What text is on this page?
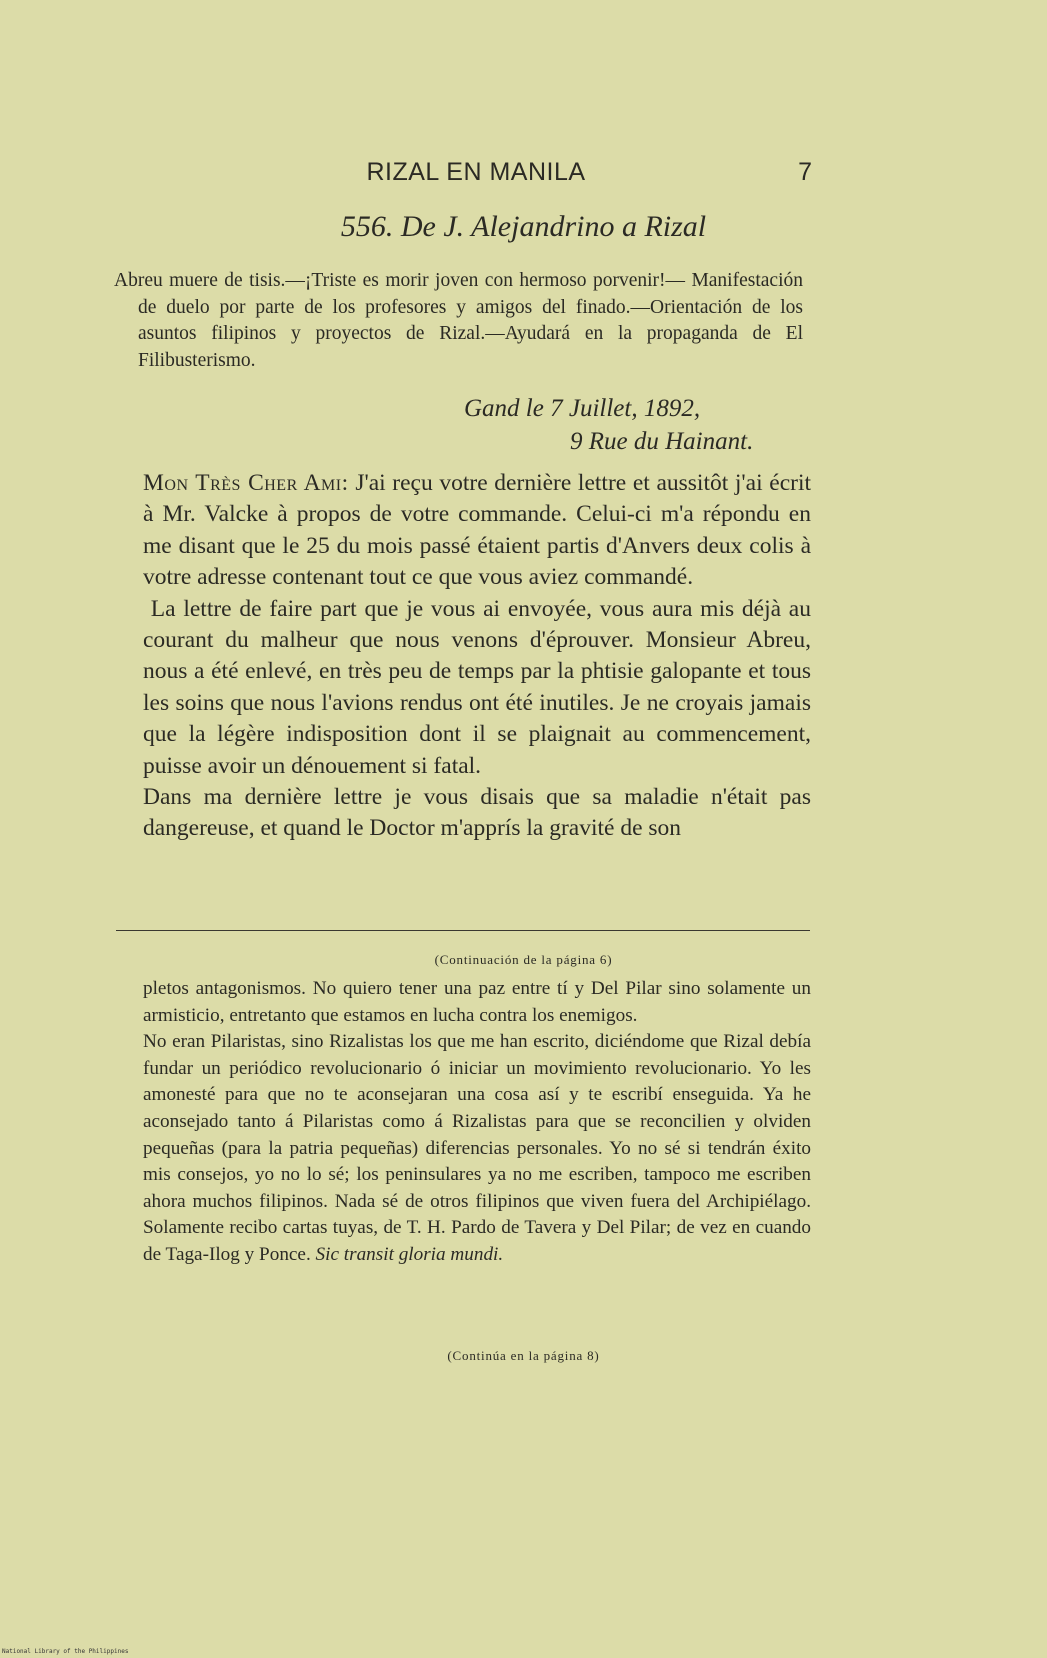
RIZAL EN MANILA	7
556. De J. Alejandrino a Rizal
Abreu muere de tisis.—¡Triste es morir joven con hermoso porvenir!— Manifestación de duelo por parte de los profesores y amigos del finado.—Orientación de los asuntos filipinos y proyectos de Rizal.—Ayudará en la propaganda de El Filibusterismo.
Gand le 7 Juillet, 1892,
9 Rue du Hainant.

Mon Très Cher Ami: J'ai reçu votre dernière lettre et aussitôt j'ai écrit à Mr. Valcke à propos de votre commande. Celui-ci m'a répondu en me disant que le 25 du mois passé étaient partis d'Anvers deux colis à votre adresse contenant tout ce que vous aviez commandé.

La lettre de faire part que je vous ai envoyée, vous aura mis déjà au courant du malheur que nous venons d'éprouver. Monsieur Abreu, nous a été enlevé, en très peu de temps par la phtisie galopante et tous les soins que nous l'avions rendus ont été inutiles. Je ne croyais jamais que la légère indisposition dont il se plaignait au commencement, puisse avoir un dénouement si fatal.

Dans ma dernière lettre je vous disais que sa maladie n'était pas dangereuse, et quand le Doctor m'apprís la gravité de son

(Continuación de la página 6)

pletos antagonismos. No quiero tener una paz entre tí y Del Pilar sino solamente un armisticio, entretanto que estamos en lucha contra los enemigos.

No eran Pilaristas, sino Rizalistas los que me han escrito, diciéndome que Rizal debía fundar un periódico revolucionario ó iniciar un movimiento revolucionario. Yo les amonesté para que no te aconsejaran una cosa así y te escribí enseguida. Ya he aconsejado tanto á Pilaristas como á Rizalistas para que se reconcilien y olviden pequeñas (para la patria pequeñas) diferencias personales. Yo no sé si tendrán éxito mis consejos, yo no lo sé; los peninsulares ya no me escriben, tampoco me escriben ahora muchos filipinos. Nada sé de otros filipinos que viven fuera del Archipiélago. Solamente recibo cartas tuyas, de T. H. Pardo de Tavera y Del Pilar; de vez en cuando de Taga-Ilog y Ponce. Sic transit gloria mundi.

(Continúa en la página 8)
National Library of the Philippines
